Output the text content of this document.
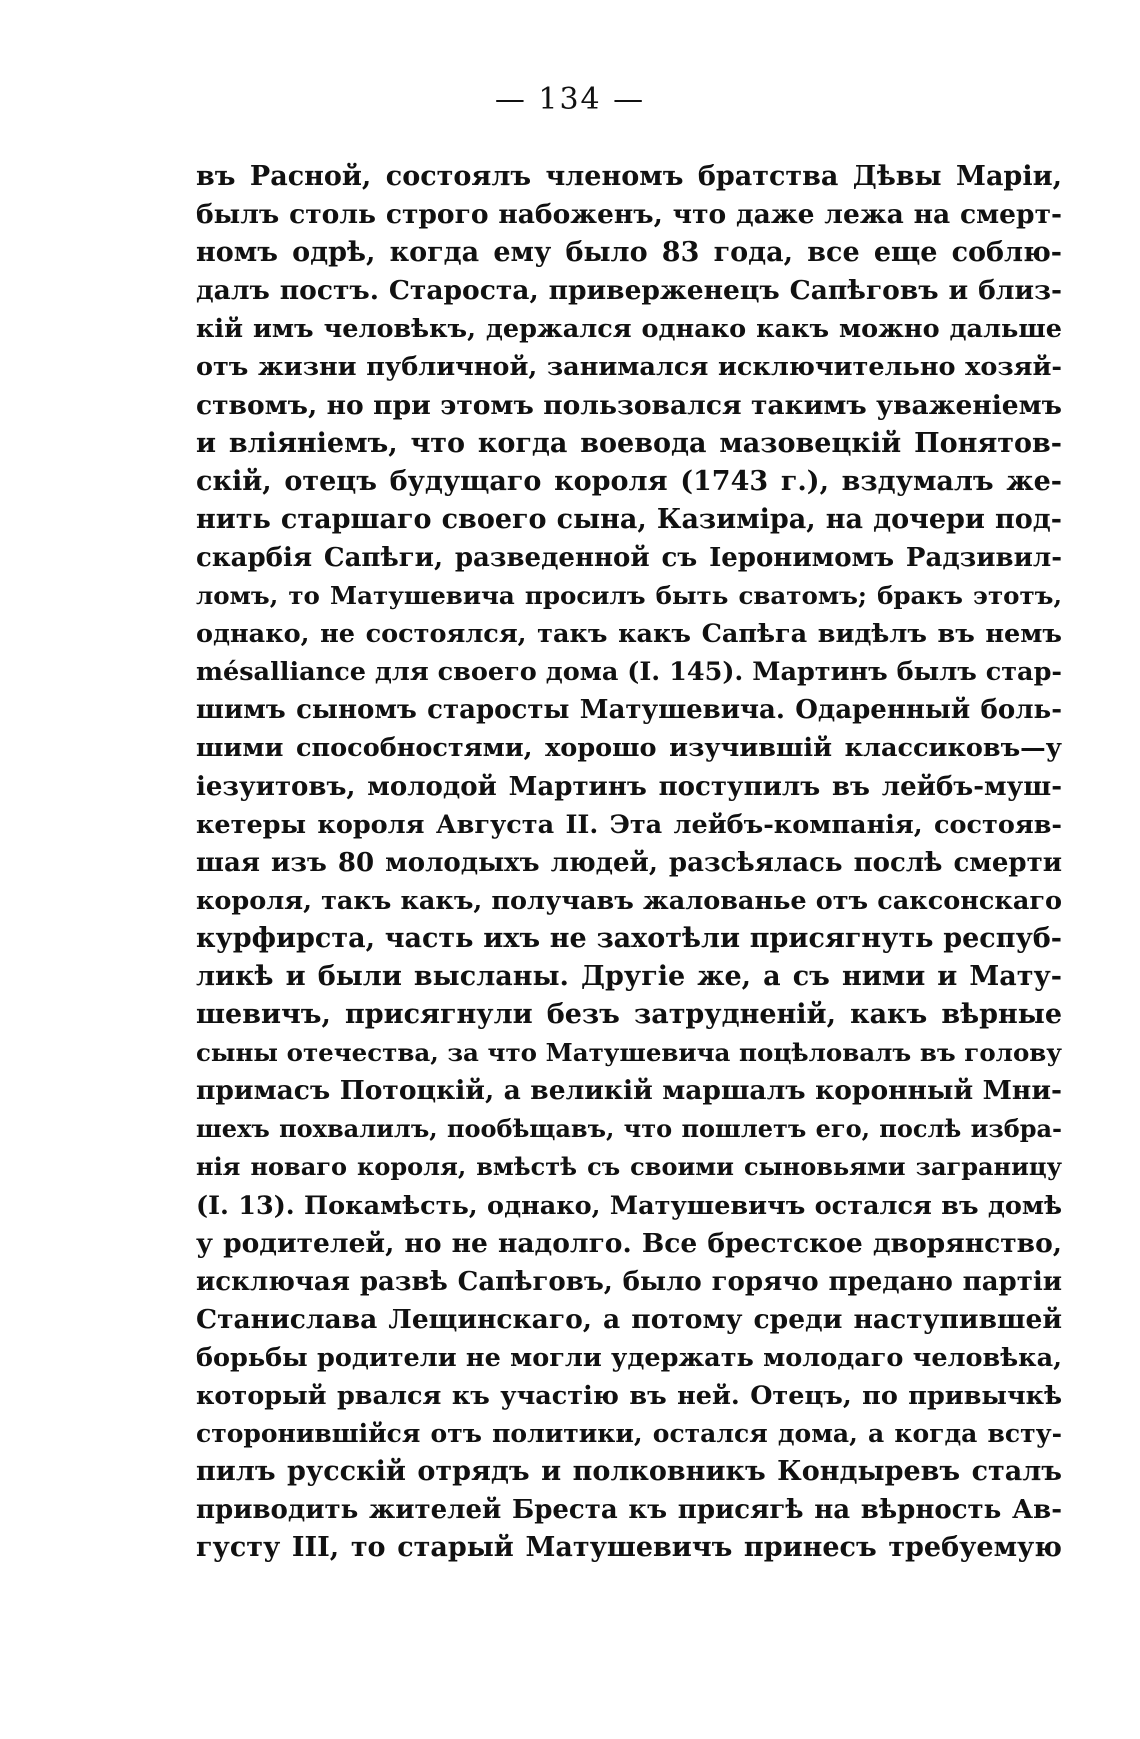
— 134 —
въ Расной, состоялъ членомъ братства Дѣвы Маріи,
былъ столь строго набоженъ, что даже лежа на смерт-
номъ одрѣ, когда ему было 83 года, все еще соблю-
далъ постъ. Староста, приверженецъ Сапѣговъ и близ-
кій имъ человѣкъ, держался однако какъ можно дальше
отъ жизни публичной, занимался исключительно хозяй-
ствомъ, но при этомъ пользовался такимъ уваженіемъ
и вліяніемъ, что когда воевода мазовецкій Понятов-
скій, отецъ будущаго короля (1743 г.), вздумалъ же-
нить старшаго своего сына, Казиміра, на дочери под-
скарбія Сапѣги, разведенной съ Іеронимомъ Радзивил-
ломъ, то Матушевича просилъ быть сватомъ; бракъ этотъ,
однако, не состоялся, такъ какъ Сапѣга видѣлъ въ немъ
mésalliance для своего дома (I. 145). Мартинъ былъ стар-
шимъ сыномъ старосты Матушевича. Одаренный боль-
шими способностями, хорошо изучившій классиковъ—у
іезуитовъ, молодой Мартинъ поступилъ въ лейбъ-муш-
кетеры короля Августа II. Эта лейбъ-компанія, состояв-
шая изъ 80 молодыхъ людей, разсѣялась послѣ смерти
короля, такъ какъ, получавъ жалованье отъ саксонскаго
курфирста, часть ихъ не захотѣли присягнуть респуб-
ликѣ и были высланы. Другіе же, а съ ними и Мату-
шевичъ, присягнули безъ затрудненій, какъ вѣрные
сыны отечества, за что Матушевича поцѣловалъ въ голову
примасъ Потоцкій, а великій маршалъ коронный Мни-
шехъ похвалилъ, пообѣщавъ, что пошлетъ его, послѣ избра-
нія новаго короля, вмѣстѣ съ своими сыновьями заграницу
(I. 13). Покамѣсть, однако, Матушевичъ остался въ домѣ
у родителей, но не надолго. Все брестское дворянство,
исключая развѣ Сапѣговъ, было горячо предано партіи
Станислава Лещинскаго, а потому среди наступившей
борьбы родители не могли удержать молодаго человѣка,
который рвался къ участію въ ней. Отецъ, по привычкѣ
сторонившійся отъ политики, остался дома, а когда всту-
пилъ русскій отрядъ и полковникъ Кондыревъ сталъ
приводить жителей Бреста къ присягѣ на вѣрность Ав-
густу III, то старый Матушевичъ принесъ требуемую
